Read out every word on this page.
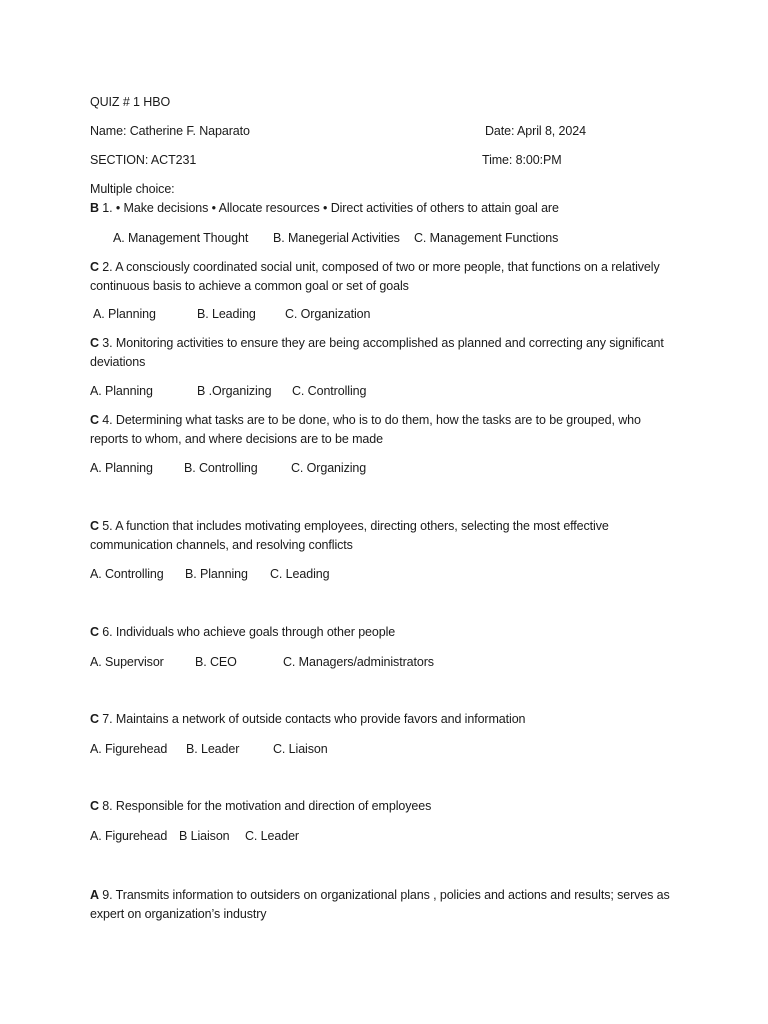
QUIZ # 1 HBO
Name: Catherine F. Naparato	Date: April 8, 2024
SECTION: ACT231	Time: 8:00:PM
Multiple choice:
B 1. • Make decisions • Allocate resources • Direct activities of others to attain goal are
A. Management Thought B. Manegerial Activities C. Management Functions
C 2. A consciously coordinated social unit, composed of two or more people, that functions on a relatively continuous basis to achieve a common goal or set of goals
A. Planning	B. Leading C. Organization
C 3. Monitoring activities to ensure they are being accomplished as planned and correcting any significant deviations
A. Planning	B .Organizing C. Controlling
C 4. Determining what tasks are to be done, who is to do them, how the tasks are to be grouped, who reports to whom, and where decisions are to be made
A. Planning B. Controlling	C. Organizing
C 5. A function that includes motivating employees, directing others, selecting the most effective communication channels, and resolving conflicts
A. Controlling B. Planning C. Leading
C 6. Individuals who achieve goals through other people
A. Supervisor	B. CEO	C. Managers/administrators
C 7. Maintains a network of outside contacts who provide favors and information
A. Figurehead B. Leader	C. Liaison
C 8. Responsible for the motivation and direction of employees
A. Figurehead B Liaison C. Leader
A 9. Transmits information to outsiders on organizational plans , policies and actions and results; serves as expert on organization’s industry
